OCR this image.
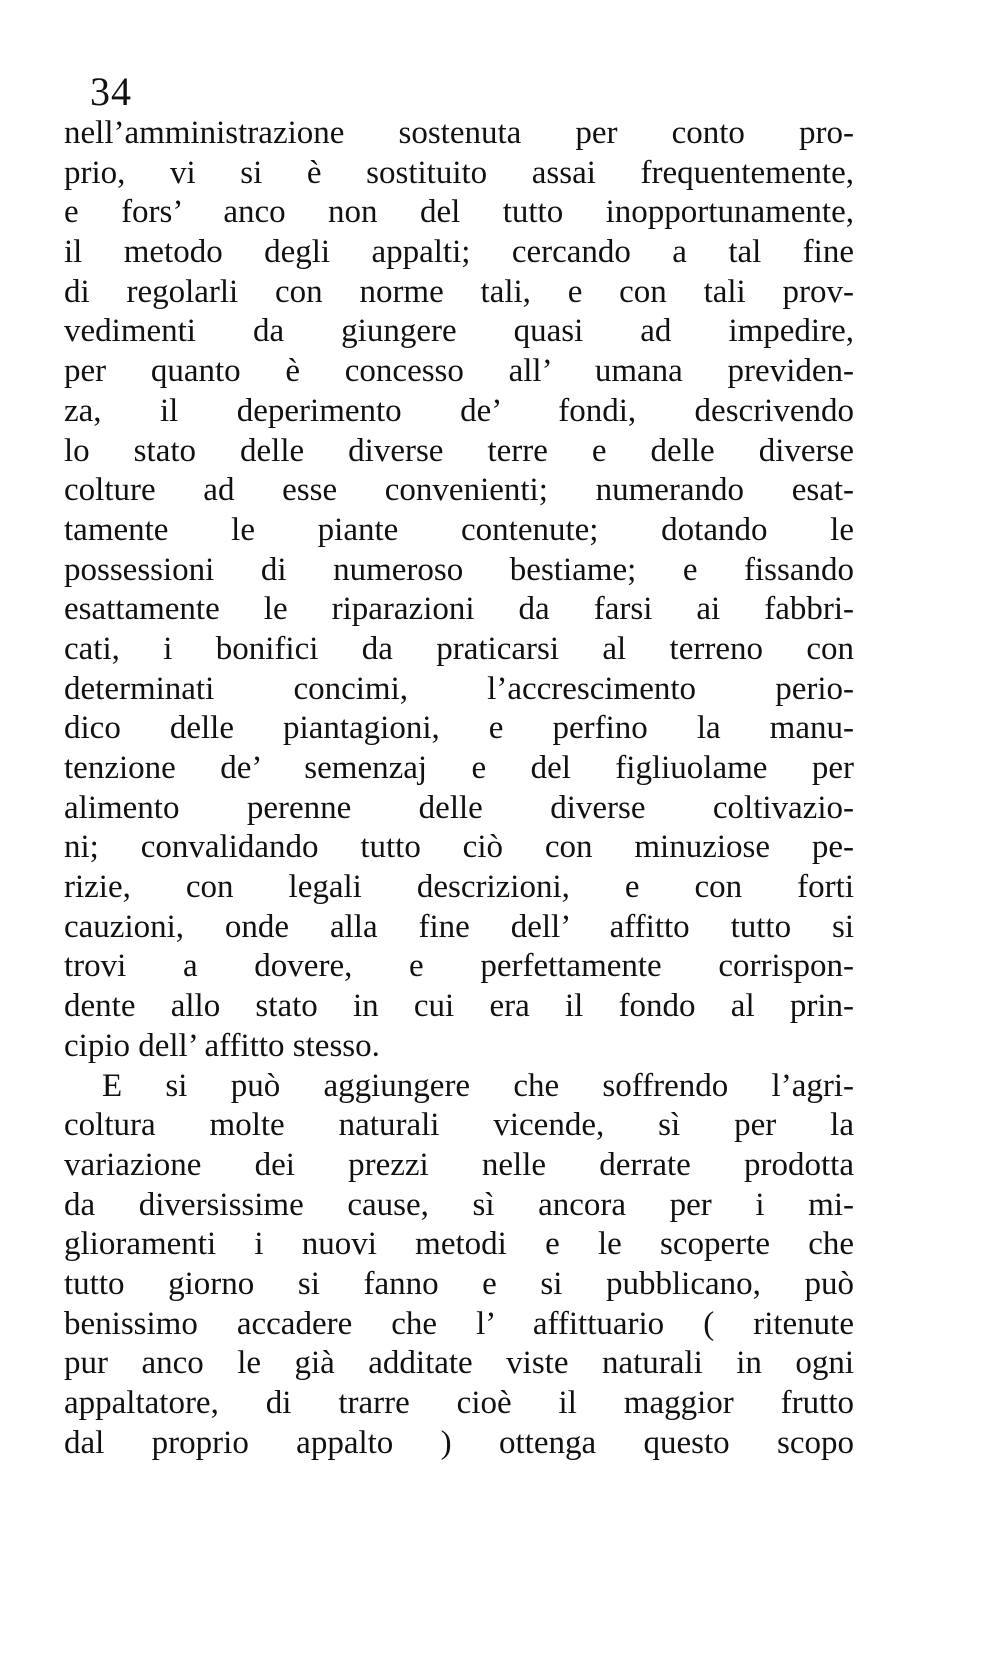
34
nell’amministrazione sostenuta per conto pro-
prio, vi si è sostituito assai frequentemente,
e fors’ anco non del tutto inopportunamente,
il metodo degli appalti; cercando a tal fine
di regolarli con norme tali, e con tali prov-
vedimenti da giungere quasi ad impedire,
per quanto è concesso all’ umana previden-
za, il deperimento de’ fondi, descrivendo
lo stato delle diverse terre e delle diverse
colture ad esse convenienti; numerando esat-
tamente le piante contenute; dotando le
possessioni di numeroso bestiame; e fissando
esattamente le riparazioni da farsi ai fabbri-
cati, i bonifici da praticarsi al terreno con
determinati concimi, l’accrescimento perio-
dico delle piantagioni, e perfino la manu-
tenzione de’ semenzaj e del figliuolame per
alimento perenne delle diverse coltivazio-
ni; convalidando tutto ciò con minuziose pe-
rizie, con legali descrizioni, e con forti
cauzioni, onde alla fine dell’ affitto tutto si
trovi a dovere, e perfettamente corrispon-
dente allo stato in cui era il fondo al prin-
cipio dell’ affitto stesso.
E si può aggiungere che soffrendo l’agri-
coltura molte naturali vicende, sì per la
variazione dei prezzi nelle derrate prodotta
da diversissime cause, sì ancora per i mi-
glioramenti i nuovi metodi e le scoperte che
tutto giorno si fanno e si pubblicano, può
benissimo accadere che l’ affittuario ( ritenute
pur anco le già additate viste naturali in ogni
appaltatore, di trarre cioè il maggior frutto
dal proprio appalto ) ottenga questo scopo
